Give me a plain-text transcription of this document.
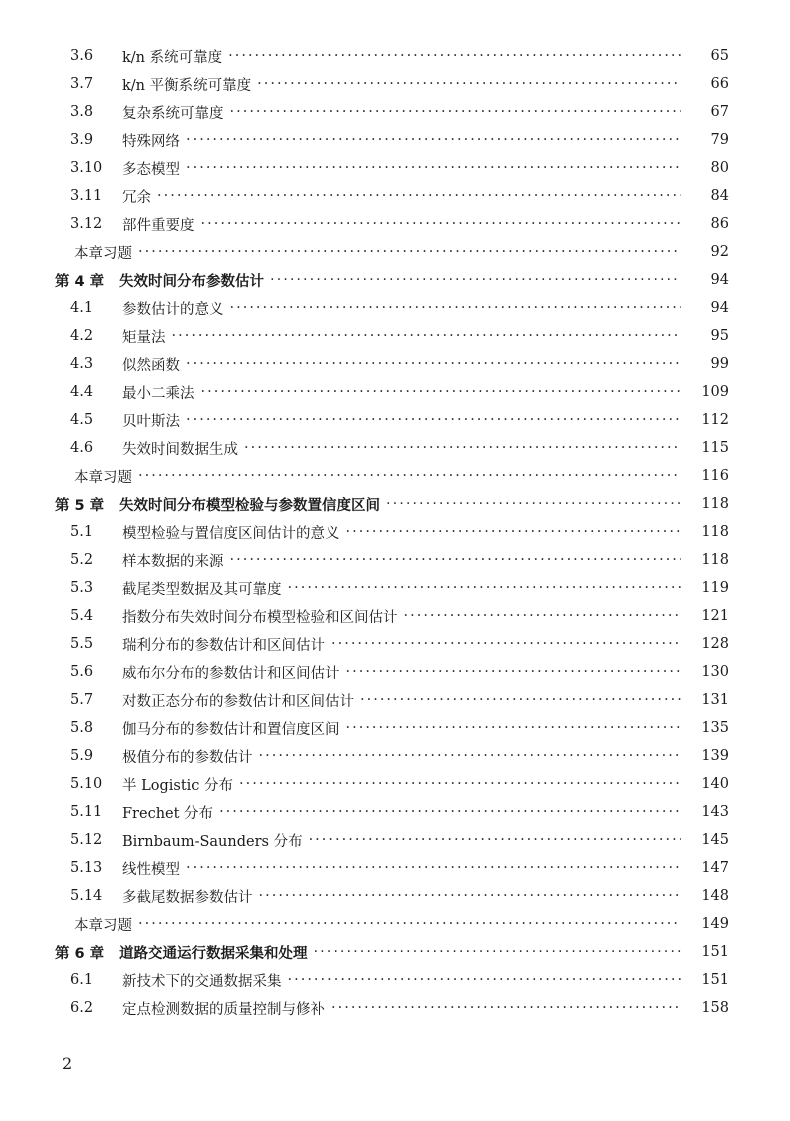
3.6	k/n 系统可靠度 ·····	65
3.7	k/n 平衡系统可靠度 ·····	66
3.8	复杂系统可靠度 ·····	67
3.9	特殊网络 ·····	79
3.10	多态模型 ·····	80
3.11	冗余 ·····	84
3.12	部件重要度 ·····	86
本章习题 ·····	92
第 4 章	失效时间分布参数估计 ·····	94
4.1	参数估计的意义 ·····	94
4.2	矩量法 ·····	95
4.3	似然函数 ·····	99
4.4	最小二乘法 ·····	109
4.5	贝叶斯法 ·····	112
4.6	失效时间数据生成 ·····	115
本章习题 ·····	116
第 5 章	失效时间分布模型检验与参数置信度区间 ·····	118
5.1	模型检验与置信度区间估计的意义 ·····	118
5.2	样本数据的来源 ·····	118
5.3	截尾类型数据及其可靠度 ·····	119
5.4	指数分布失效时间分布模型检验和区间估计 ·····	121
5.5	瑞利分布的参数估计和区间估计 ·····	128
5.6	威布尔分布的参数估计和区间估计 ·····	130
5.7	对数正态分布的参数估计和区间估计 ·····	131
5.8	伽马分布的参数估计和置信度区间 ·····	135
5.9	极值分布的参数估计 ·····	139
5.10	半 Logistic 分布 ·····	140
5.11	Frechet 分布 ·····	143
5.12	Birnbaum-Saunders 分布 ·····	145
5.13	线性模型 ·····	147
5.14	多截尾数据参数估计 ·····	148
本章习题 ·····	149
第 6 章	道路交通运行数据采集和处理 ·····	151
6.1	新技术下的交通数据采集 ·····	151
6.2	定点检测数据的质量控制与修补 ·····	158
2
